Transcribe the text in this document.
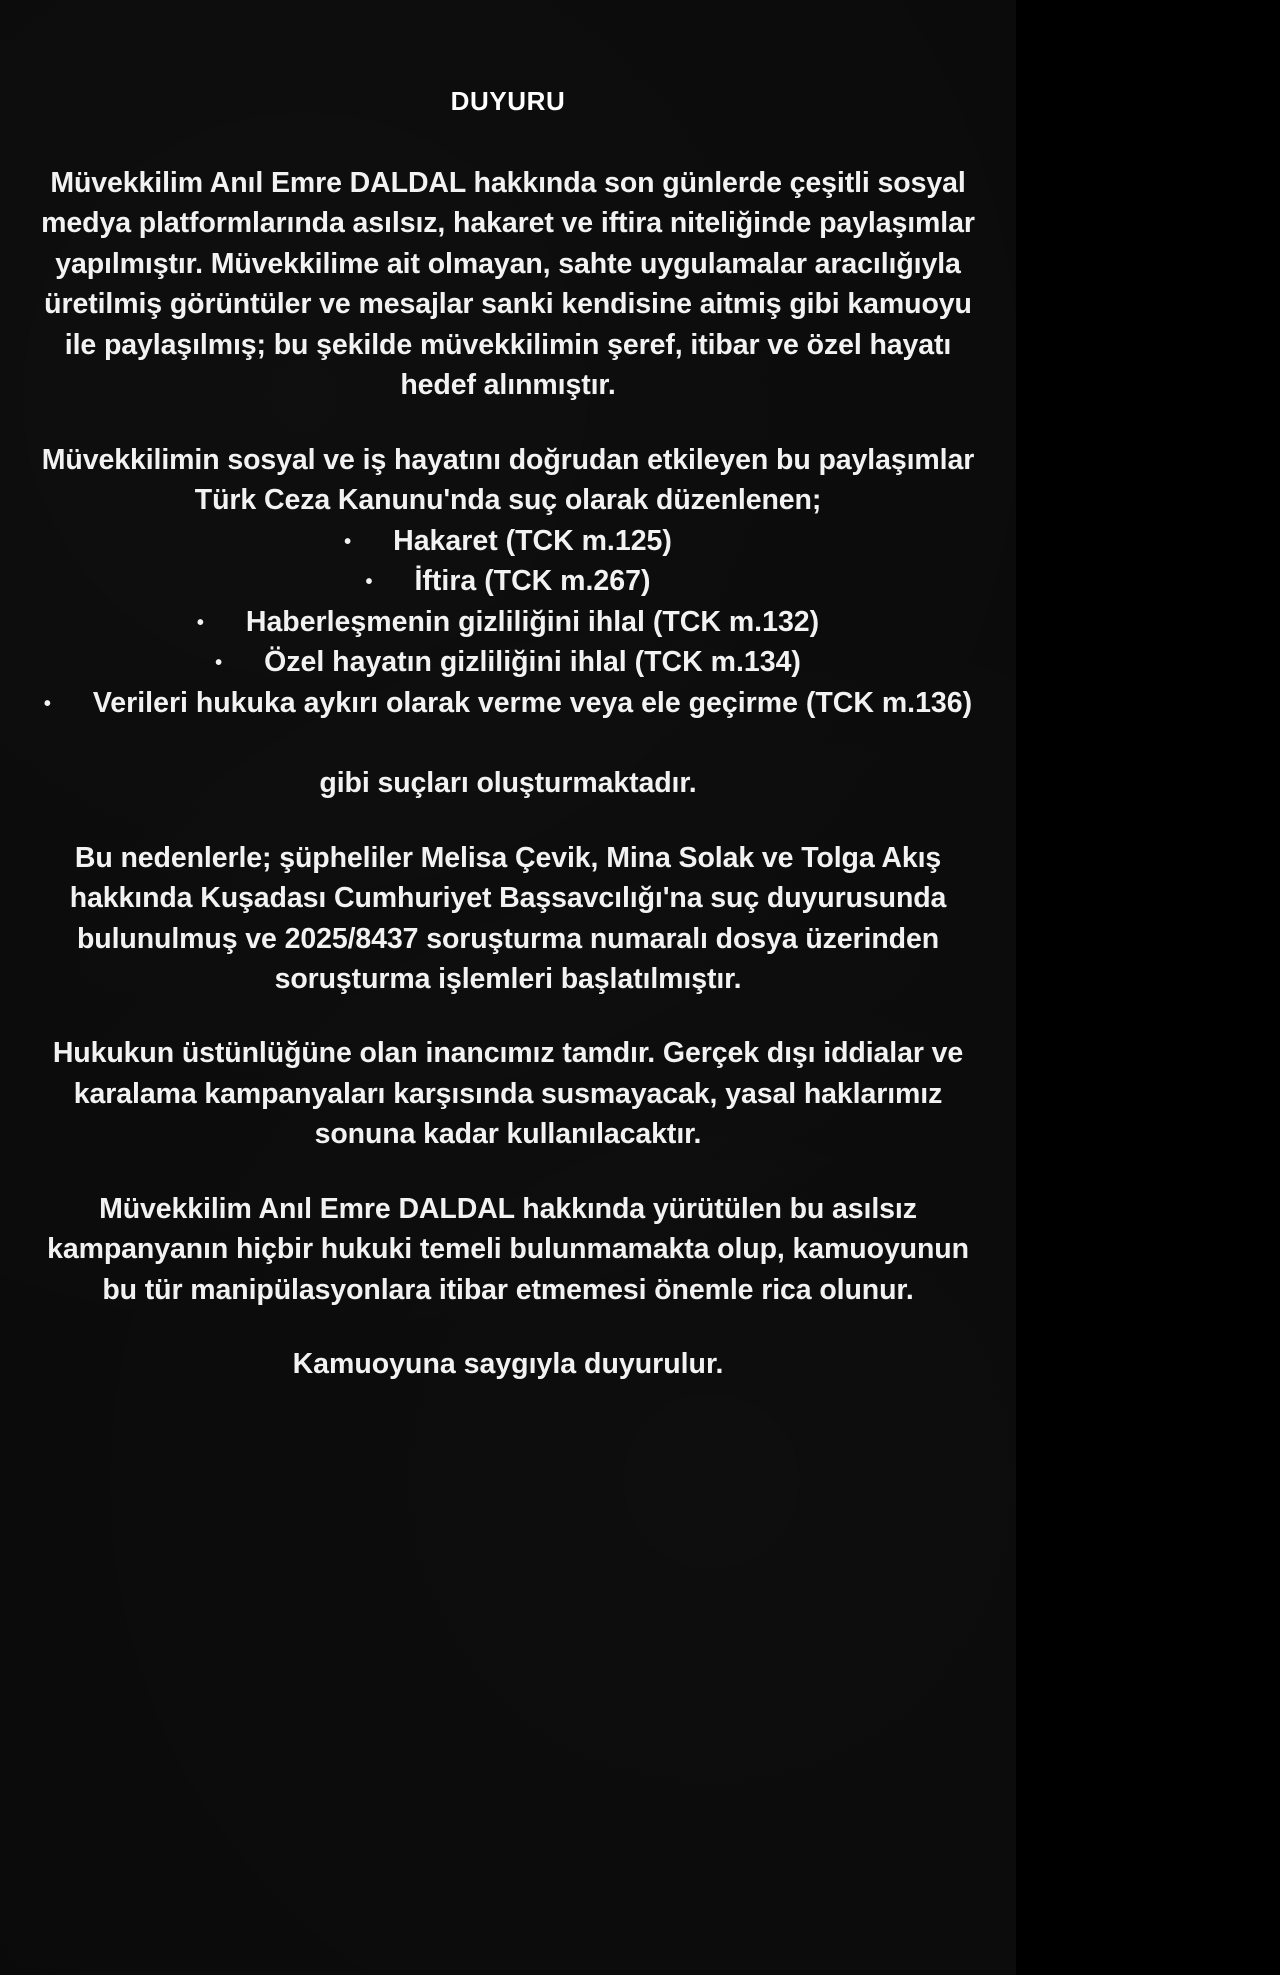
DUYURU

Müvekkilim Anıl Emre DALDAL hakkında son günlerde çeşitli sosyal medya platformlarında asılsız, hakaret ve iftira niteliğinde paylaşımlar yapılmıştır. Müvekkilime ait olmayan, sahte uygulamalar aracılığıyla üretilmiş görüntüler ve mesajlar sanki kendisine aitmiş gibi kamuoyu ile paylaşılmış; bu şekilde müvekkilimin şeref, itibar ve özel hayatı hedef alınmıştır.

Müvekkilimin sosyal ve iş hayatını doğrudan etkileyen bu paylaşımlar Türk Ceza Kanunu'nda suç olarak düzenlenen;

• Hakaret (TCK m.125)
• İftira (TCK m.267)
• Haberleşmenin gizliliğini ihlal (TCK m.132)
• Özel hayatın gizliliğini ihlal (TCK m.134)
• Verileri hukuka aykırı olarak verme veya ele geçirme (TCK m.136)

gibi suçları oluşturmaktadır.

Bu nedenlerle; şüpheliler Melisa Çevik, Mina Solak ve Tolga Akış hakkında Kuşadası Cumhuriyet Başsavcılığı'na suç duyurusunda bulunulmuş ve 2025/8437 soruşturma numaralı dosya üzerinden soruşturma işlemleri başlatılmıştır.

Hukukun üstünlüğüne olan inancımız tamdır. Gerçek dışı iddialar ve karalama kampanyaları karşısında susmayacak, yasal haklarımız sonuna kadar kullanılacaktır.

Müvekkilim Anıl Emre DALDAL hakkında yürütülen bu asılsız kampanyanın hiçbir hukuki temeli bulunmamakta olup, kamuoyunun bu tür manipülasyonlara itibar etmemesi önemle rica olunur.

Kamuoyuna saygıyla duyurulur.
